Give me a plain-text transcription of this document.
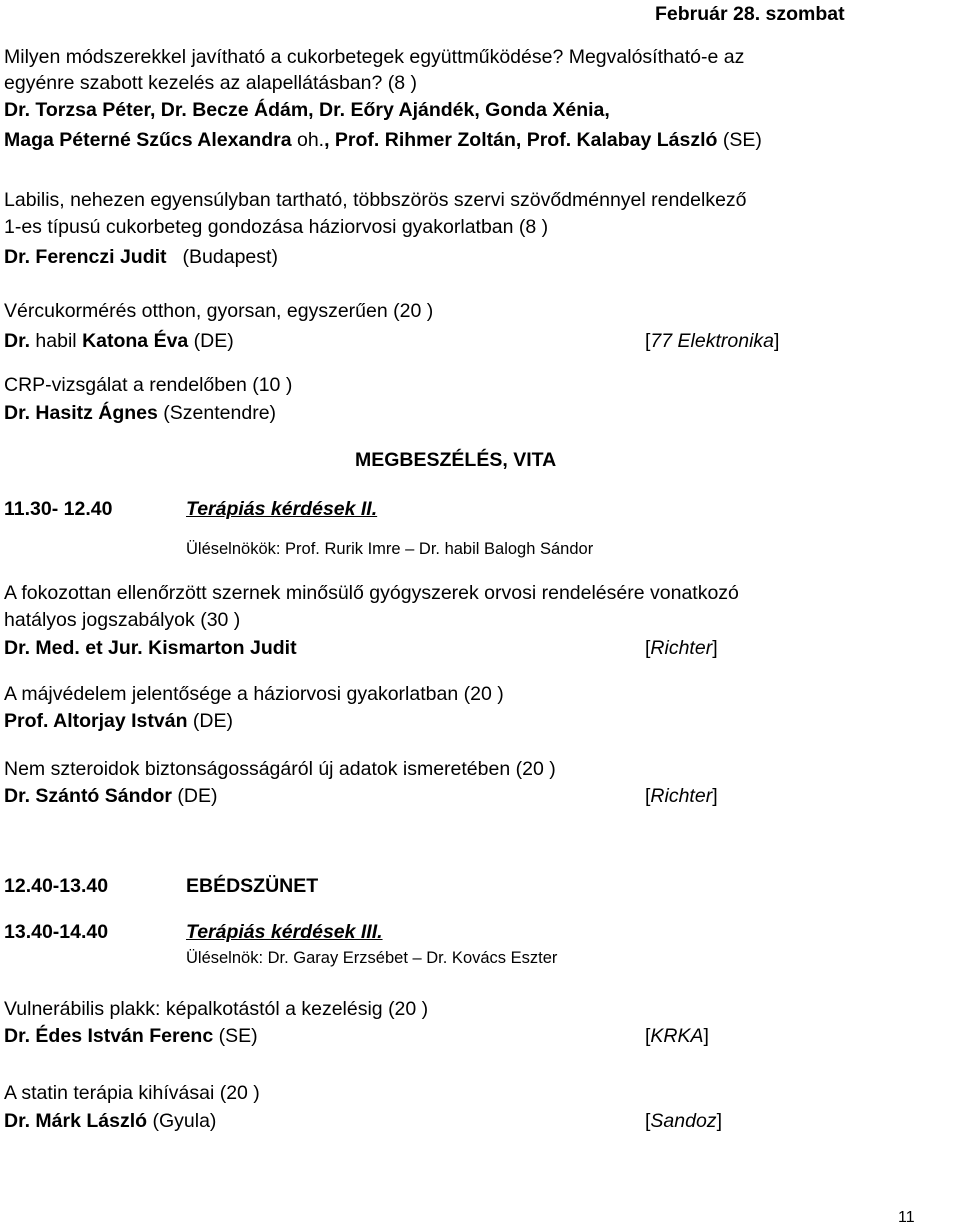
Február 28. szombat
Milyen módszerekkel javítható a cukorbetegek együttműködése? Megvalósítható-e az
egyénre szabott kezelés az alapellátásban? (8 )
Dr. Torzsa Péter, Dr. Becze Ádám, Dr. Eőry Ajándék, Gonda Xénia,
Maga Péterné Szűcs Alexandra oh., Prof. Rihmer Zoltán, Prof. Kalabay László (SE)
Labilis, nehezen egyensúlyban tartható, többszörös szervi szövődménnyel rendelkező
1-es típusú cukorbeteg gondozása háziorvosi gyakorlatban (8 )
Dr. Ferenczi Judit (Budapest)
Vércukormérés otthon, gyorsan, egyszerűen (20 )
Dr. habil Katona Éva (DE)	[77 Elektronika]
CRP-vizsgálat a rendelőben (10 )
Dr. Hasitz Ágnes (Szentendre)
MEGBESZÉLÉS, VITA
11.30- 12.40	Terápiás kérdések II.
Üléselnökök: Prof. Rurik Imre – Dr. habil Balogh Sándor
A fokozottan ellenőrzött szernek minősülő gyógyszerek orvosi rendelésére vonatkozó
hatályos jogszabályok (30 )
Dr. Med. et Jur. Kismarton Judit	[Richter]
A májvédelem jelentősége a háziorvosi gyakorlatban (20 )
Prof. Altorjay István (DE)
Nem szteroidok biztonságosságáról új adatok ismeretében (20 )
Dr. Szántó Sándor (DE)	[Richter]
12.40-13.40	EBÉDSZÜNET
13.40-14.40	Terápiás kérdések III.
Üléselnök: Dr. Garay Erzsébet – Dr. Kovács Eszter
Vulnerábilis plakk: képalkotástól a kezelésig (20 )
Dr. Édes István Ferenc (SE)	[KRKA]
A statin terápia kihívásai (20 )
Dr. Márk László (Gyula)	[Sandoz]
11
